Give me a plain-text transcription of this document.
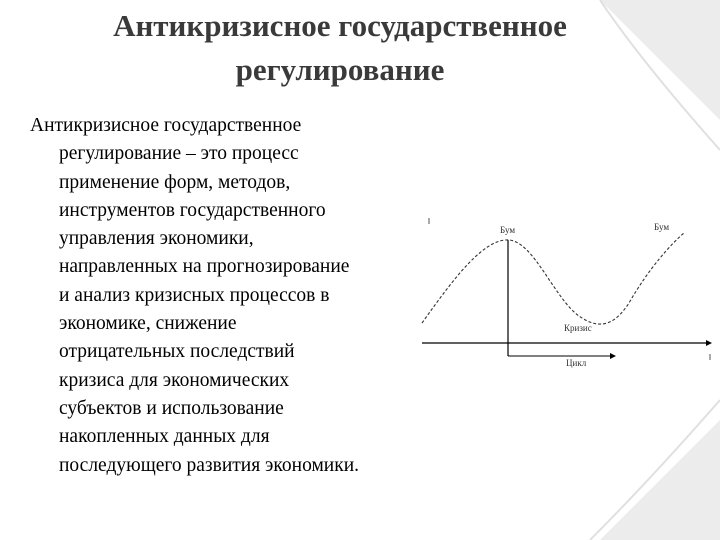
Антикризисное государственное
регулирование
Антикризисное государственное
регулирование – это процесс
применение форм, методов,
инструментов государственного
управления экономики,
направленных на прогнозирование
и анализ кризисных процессов в
экономике, снижение
отрицательных последствий
кризиса для экономических
субъектов и использование
накопленных данных для
последующего развития экономики.
Бум	Бум
Кризис
Цикл
